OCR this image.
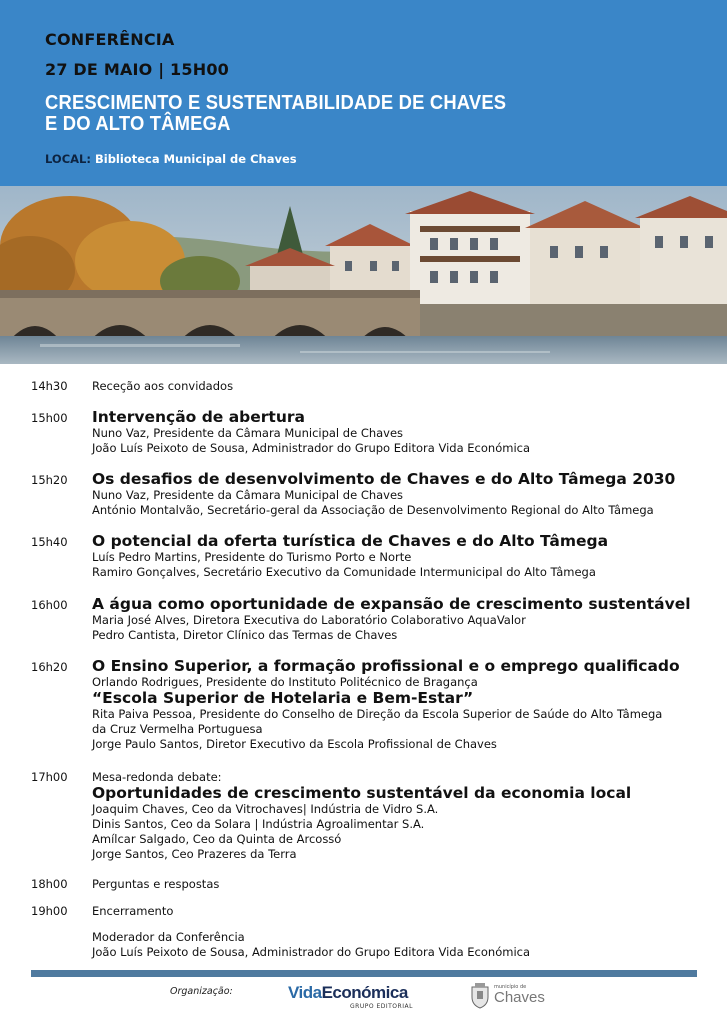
CONFERÊNCIA
27 DE MAIO | 15H00
CRESCIMENTO E SUSTENTABILIDADE DE CHAVES
E DO ALTO TÂMEGA
LOCAL: Biblioteca Municipal de Chaves
14h30 Receção aos convidados
15h00 Intervenção de abertura
Nuno Vaz, Presidente da Câmara Municipal de Chaves
João Luís Peixoto de Sousa, Administrador do Grupo Editora Vida Económica
15h20 Os desafios de desenvolvimento de Chaves e do Alto Tâmega 2030
Nuno Vaz, Presidente da Câmara Municipal de Chaves
António Montalvão, Secretário-geral da Associação de Desenvolvimento Regional do Alto Tâmega
15h40 O potencial da oferta turística de Chaves e do Alto Tâmega
Luís Pedro Martins, Presidente do Turismo Porto e Norte
Ramiro Gonçalves, Secretário Executivo da Comunidade Intermunicipal do Alto Tâmega
16h00 A água como oportunidade de expansão de crescimento sustentável
Maria José Alves, Diretora Executiva do Laboratório Colaborativo AquaValor
Pedro Cantista, Diretor Clínico das Termas de Chaves
16h20 O Ensino Superior, a formação profissional e o emprego qualificado
Orlando Rodrigues, Presidente do Instituto Politécnico de Bragança
“Escola Superior de Hotelaria e Bem-Estar”
Rita Paiva Pessoa, Presidente do Conselho de Direção da Escola Superior de Saúde do Alto Tâmega
da Cruz Vermelha Portuguesa
Jorge Paulo Santos, Diretor Executivo da Escola Profissional de Chaves
17h00 Mesa-redonda debate:
Oportunidades de crescimento sustentável da economia local
Joaquim Chaves, Ceo da Vitrochaves| Indústria de Vidro S.A.
Dinis Santos, Ceo da Solara | Indústria Agroalimentar S.A.
Amílcar Salgado, Ceo da Quinta de Arcossó
Jorge Santos, Ceo Prazeres da Terra
18h00 Perguntas e respostas
19h00 Encerramento
Moderador da Conferência
João Luís Peixoto de Sousa, Administrador do Grupo Editora Vida Económica
Organização:	VidaEconómica
GRUPO EDITORIAL
município de
Chaves
